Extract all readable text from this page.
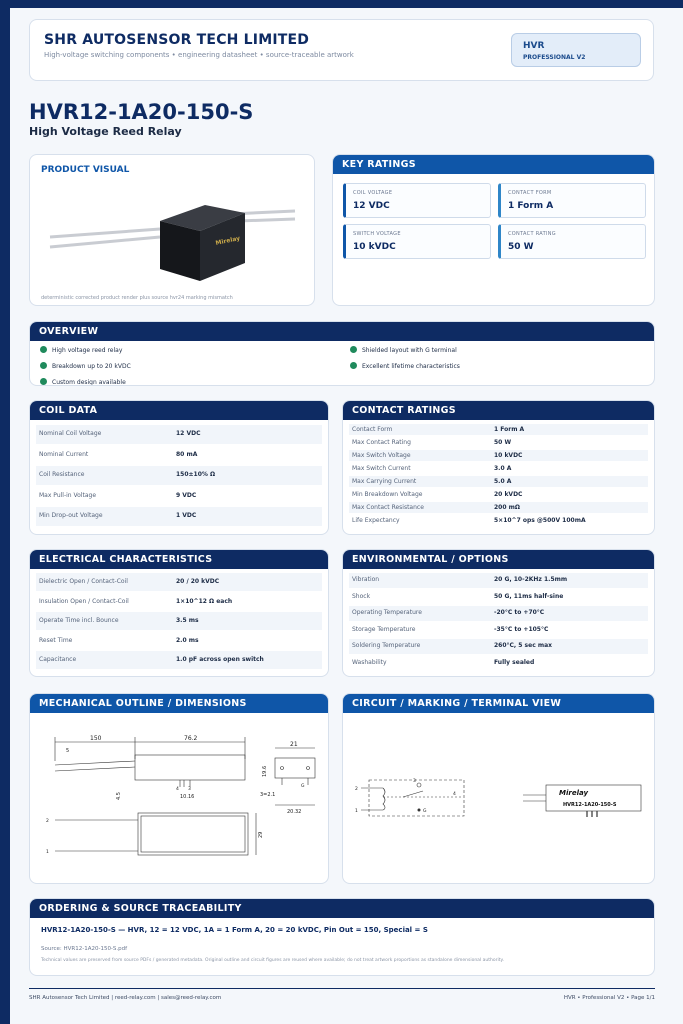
SHR AUTOSENSOR TECH LIMITED
High-voltage switching components • engineering datasheet • source-traceable artwork
HVR
PROFESSIONAL V2
HVR12-1A20-150-S
High Voltage Reed Relay
PRODUCT VISUAL
Mirelay
deterministic corrected product render plus source hvr24 marking mismatch
KEY RATINGS
COIL VOLTAGE
12 VDC
CONTACT FORM
1 Form A
SWITCH VOLTAGE
10 kVDC
CONTACT RATING
50 W
OVERVIEW
High voltage reed relay
Breakdown up to 20 kVDC
Custom design available
Shielded layout with G terminal
Excellent lifetime characteristics
COIL DATA
Nominal Coil Voltage	12 VDC
Nominal Current	80 mA
Coil Resistance	150±10% Ω
Max Pull-in Voltage	9 VDC
Min Drop-out Voltage	1 VDC
CONTACT RATINGS
Contact Form	1 Form A
Max Contact Rating	50 W
Max Switch Voltage	10 kVDC
Max Switch Current	3.0 A
Max Carrying Current	5.0 A
Min Breakdown Voltage	20 kVDC
Max Contact Resistance	200 mΩ
Life Expectancy	5×10^7 ops @500V 100mA
ELECTRICAL CHARACTERISTICS
Dielectric Open / Contact-Coil	20 / 20 kVDC
Insulation Open / Contact-Coil	1×10^12 Ω each
Operate Time incl. Bounce	3.5 ms
Reset Time	2.0 ms
Capacitance	1.0 pF across open switch
ENVIRONMENTAL / OPTIONS
Vibration	20 G, 10-2KHz 1.5mm
Shock	50 G, 11ms half-sine
Operating Temperature	-20°C to +70°C
Storage Temperature	-35°C to +105°C
Soldering Temperature	260°C, 5 sec max
Washability	Fully sealed
MECHANICAL OUTLINE / DIMENSIONS
150	76.2
5
4 3
10.16
4.5
21
19.6
G
3=2.1
20.32
2
1
29
CIRCUIT / MARKING / TERMINAL VIEW
2
1
3
4
G
Mirelay
HVR12-1A20-150-S
ORDERING & SOURCE TRACEABILITY
HVR12-1A20-150-S — HVR, 12 = 12 VDC, 1A = 1 Form A, 20 = 20 kVDC, Pin Out = 150, Special = S
Source: HVR12-1A20-150-S.pdf
Technical values are preserved from source PDFs / generated metadata. Original outline and circuit figures are reused where available; do not treat artwork proportions as standalone dimensional authority.
SHR Autosensor Tech Limited | reed-relay.com | sales@reed-relay.com	HVR • Professional V2 • Page 1/1
